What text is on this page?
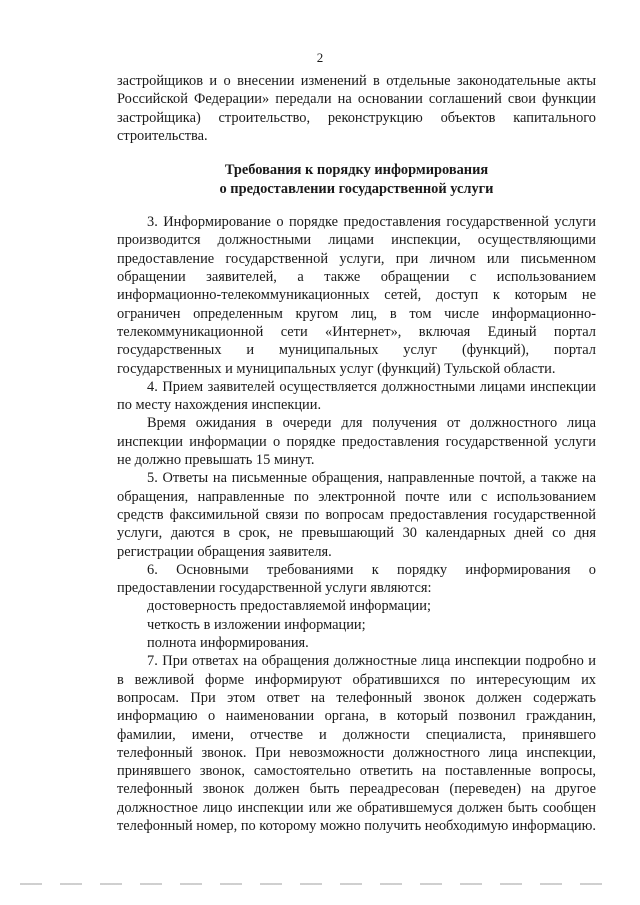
2

застройщиков и о внесении изменений в отдельные законодательные акты Российской Федерации» передали на основании соглашений свои функции застройщика) строительство, реконструкцию объектов капитального строительства.

Требования к порядку информирования
о предоставлении государственной услуги

3. Информирование о порядке предоставления государственной услуги производится должностными лицами инспекции, осуществляющими предоставление государственной услуги, при личном или письменном обращении заявителей, а также обращении с использованием информационно-телекоммуникационных сетей, доступ к которым не ограничен определенным кругом лиц, в том числе информационно-телекоммуникационной сети «Интернет», включая Единый портал государственных и муниципальных услуг (функций), портал государственных и муниципальных услуг (функций) Тульской области.

4. Прием заявителей осуществляется должностными лицами инспекции по месту нахождения инспекции.

Время ожидания в очереди для получения от должностного лица инспекции информации о порядке предоставления государственной услуги не должно превышать 15 минут.

5. Ответы на письменные обращения, направленные почтой, а также на обращения, направленные по электронной почте или с использованием средств факсимильной связи по вопросам предоставления государственной услуги, даются в срок, не превышающий 30 календарных дней со дня регистрации обращения заявителя.

6. Основными требованиями к порядку информирования о предоставлении государственной услуги являются:

достоверность предоставляемой информации;

четкость в изложении информации;

полнота информирования.

7. При ответах на обращения должностные лица инспекции подробно и в вежливой форме информируют обратившихся по интересующим их вопросам. При этом ответ на телефонный звонок должен содержать информацию о наименовании органа, в который позвонил гражданин, фамилии, имени, отчестве и должности специалиста, принявшего телефонный звонок. При невозможности должностного лица инспекции, принявшего звонок, самостоятельно ответить на поставленные вопросы, телефонный звонок должен быть переадресован (переведен) на другое должностное лицо инспекции или же обратившемуся должен быть сообщен телефонный номер, по которому можно получить необходимую информацию.
